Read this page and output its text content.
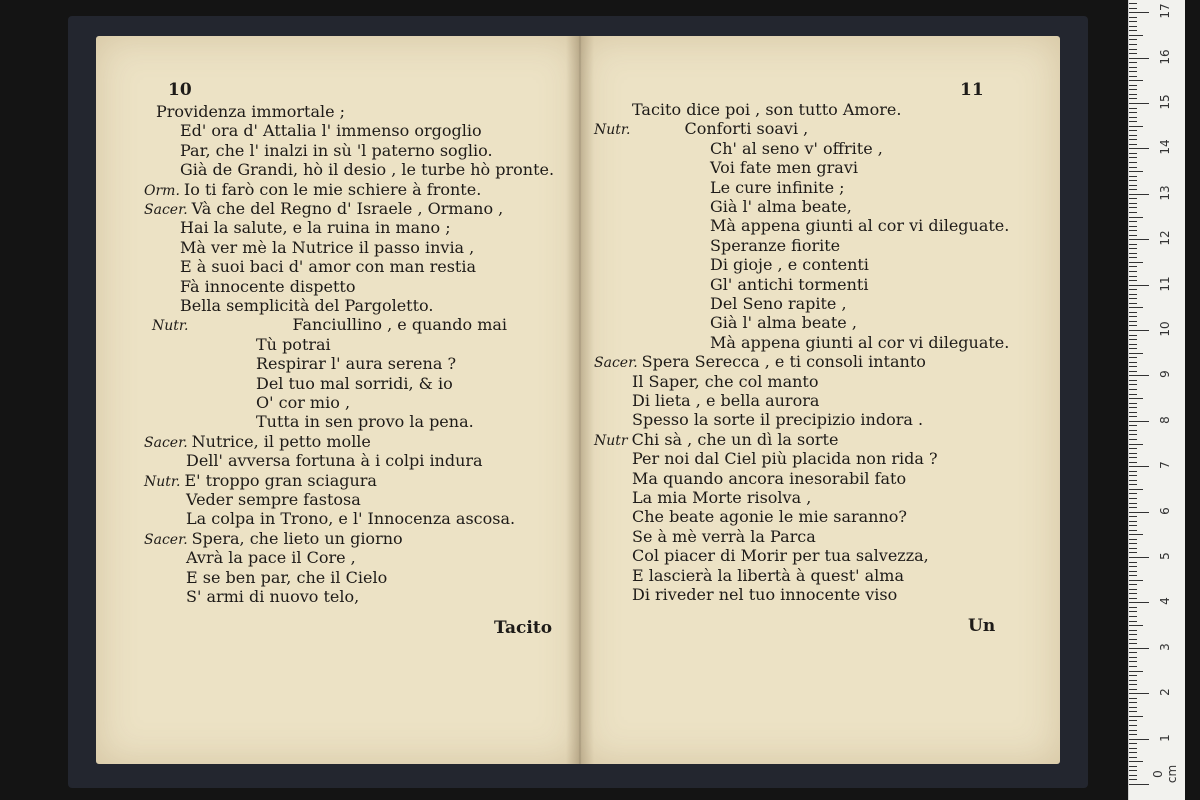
10
Providenza immortale ;
Ed' ora d' Attalia l' immenso orgoglio
Par, che l' inalzi in sù 'l paterno soglio.
Già de Grandi, hò il desio , le turbe hò pronte.
Orm. Io ti farò con le mie schiere à fronte.
Sacer. Và che del Regno d' Israele , Ormano ,
Hai la salute, e la ruina in mano ;
Mà ver mè la Nutrice il passo invia ,
E à suoi baci d' amor con man restia
Fà innocente dispetto
Bella semplicità del Pargoletto.
Nutr.	Fanciullino , e quando mai
Tù potrai
Respirar l' aura serena ?
Del tuo mal sorridi, & io
O' cor mio ,
Tutta in sen provo la pena.
Sacer. Nutrice, il petto molle
Dell' avversa fortuna à i colpi indura
Nutr. E' troppo gran sciagura
Veder sempre fastosa
La colpa in Trono, e l' Innocenza ascosa.
Sacer. Spera, che lieto un giorno
Avrà la pace il Core ,
E se ben par, che il Cielo
S' armi di nuovo telo,
Tacito
11
Tacito dice poi , son tutto Amore.
Nutr.	Conforti soavi ,
Ch' al seno v' offrite ,
Voi fate men gravi
Le cure infinite ;
Già l' alma beate,
Mà appena giunti al cor vi dileguate.
Speranze fiorite
Di gioje , e contenti
Gl' antichi tormenti
Del Seno rapite ,
Già l' alma beate ,
Mà appena giunti al cor vi dileguate.
Sacer. Spera Serecca , e ti consoli intanto
Il Saper, che col manto
Di lieta , e bella aurora
Spesso la sorte il precipizio indora .
Nutr Chi sà , che un dì la sorte
Per noi dal Ciel più placida non rida ?
Ma quando ancora inesorabil fato
La mia Morte risolva ,
Che beate agonie le mie saranno?
Se à mè verrà la Parca
Col piacer di Morir per tua salvezza,
E lascierà la libertà à quest' alma
Di riveder nel tuo innocente viso
Un
0 cm
1
2
3
4
5
6
7
8
9
10
11
12
13
14
15
16
17
